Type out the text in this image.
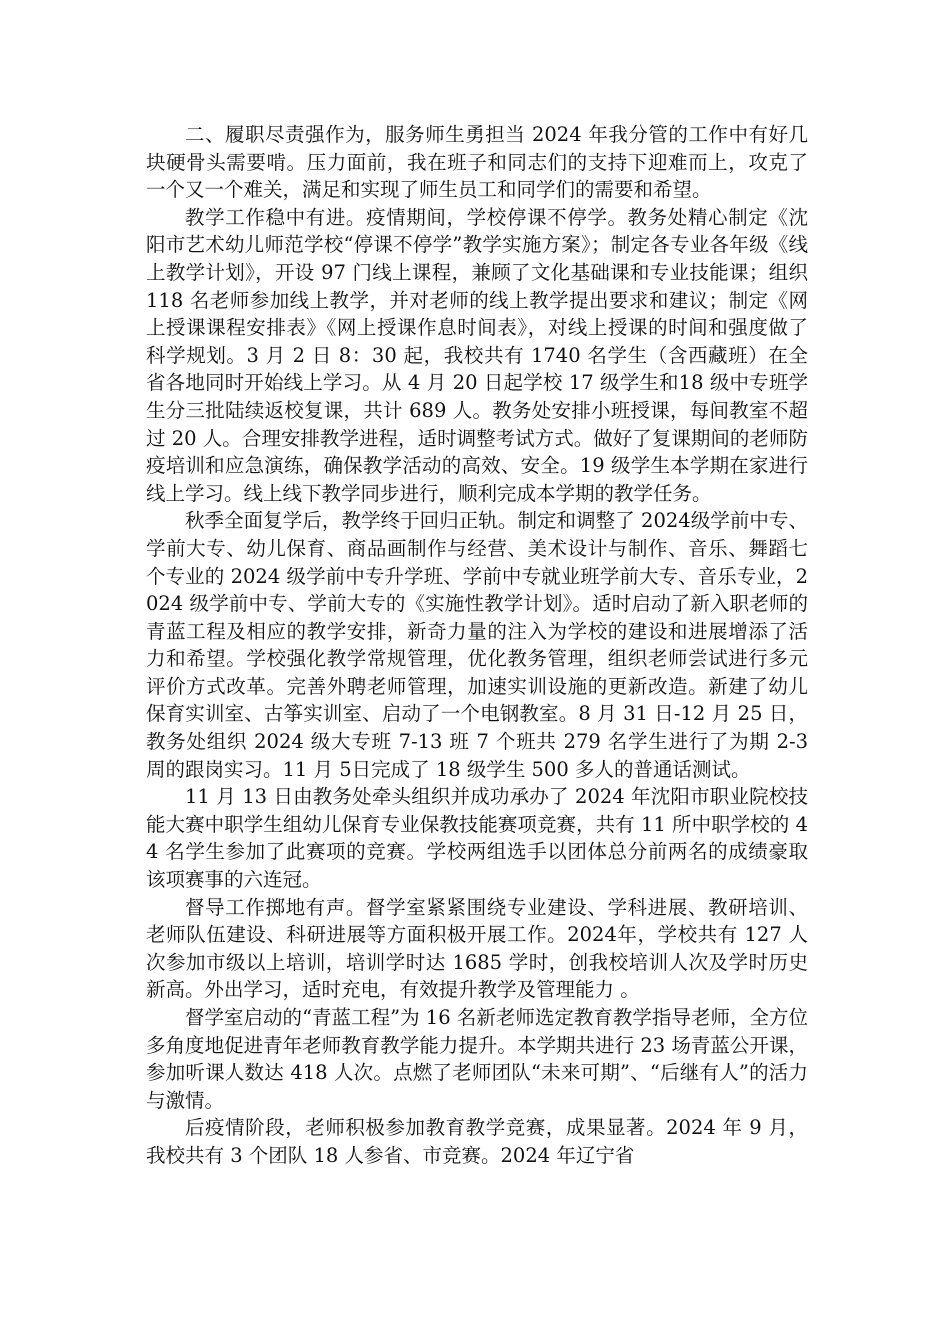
二、履职尽责强作为，服务师生勇担当 2024 年我分管的工作中有好几块硬骨头需要啃。压力面前，我在班子和同志们的支持下迎难而上，攻克了一个又一个难关，满足和实现了师生员工和同学们的需要和希望。

教学工作稳中有进。疫情期间，学校停课不停学。教务处精心制定《沈阳市艺术幼儿师范学校“停课不停学”教学实施方案》；制定各专业各年级《线上教学计划》，开设 97 门线上课程，兼顾了文化基础课和专业技能课；组织 118 名老师参加线上教学，并对老师的线上教学提出要求和建议；制定《网上授课课程安排表》《网上授课作息时间表》，对线上授课的时间和强度做了科学规划。3 月 2 日 8：30 起，我校共有 1740 名学生（含西藏班）在全省各地同时开始线上学习。从 4 月 20 日起学校 17 级学生和18 级中专班学生分三批陆续返校复课，共计 689 人。教务处安排小班授课，每间教室不超过 20 人。合理安排教学进程，适时调整考试方式。做好了复课期间的老师防疫培训和应急演练，确保教学活动的高效、安全。19 级学生本学期在家进行线上学习。线上线下教学同步进行，顺利完成本学期的教学任务。

秋季全面复学后，教学终于回归正轨。制定和调整了 2024级学前中专、学前大专、幼儿保育、商品画制作与经营、美术设计与制作、音乐、舞蹈七个专业的 2024 级学前中专升学班、学前中专就业班学前大专、音乐专业，2024 级学前中专、学前大专的《实施性教学计划》。适时启动了新入职老师的青蓝工程及相应的教学安排，新奇力量的注入为学校的建设和进展增添了活力和希望。学校强化教学常规管理，优化教务管理，组织老师尝试进行多元评价方式改革。完善外聘老师管理，加速实训设施的更新改造。新建了幼儿保育实训室、古筝实训室、启动了一个电钢教室。8 月 31 日-12 月 25 日，教务处组织 2024 级大专班 7-13 班 7 个班共 279 名学生进行了为期 2-3 周的跟岗实习。11 月 5日完成了 18 级学生 500 多人的普通话测试。

11 月 13 日由教务处牵头组织并成功承办了 2024 年沈阳市职业院校技能大赛中职学生组幼儿保育专业保教技能赛项竞赛，共有 11 所中职学校的 44 名学生参加了此赛项的竞赛。学校两组选手以团体总分前两名的成绩豪取该项赛事的六连冠。

督导工作掷地有声。督学室紧紧围绕专业建设、学科进展、教研培训、老师队伍建设、科研进展等方面积极开展工作。2024年，学校共有 127 人次参加市级以上培训，培训学时达 1685 学时，创我校培训人次及学时历史新高。外出学习，适时充电，有效提升教学及管理能力 。

督学室启动的“青蓝工程”为 16 名新老师选定教育教学指导老师，全方位多角度地促进青年老师教育教学能力提升。本学期共进行 23 场青蓝公开课，参加听课人数达 418 人次。点燃了老师团队“未来可期”、“后继有人”的活力与激情。

后疫情阶段，老师积极参加教育教学竞赛，成果显著。2024 年 9 月，我校共有 3 个团队 18 人参省、市竞赛。2024 年辽宁省
